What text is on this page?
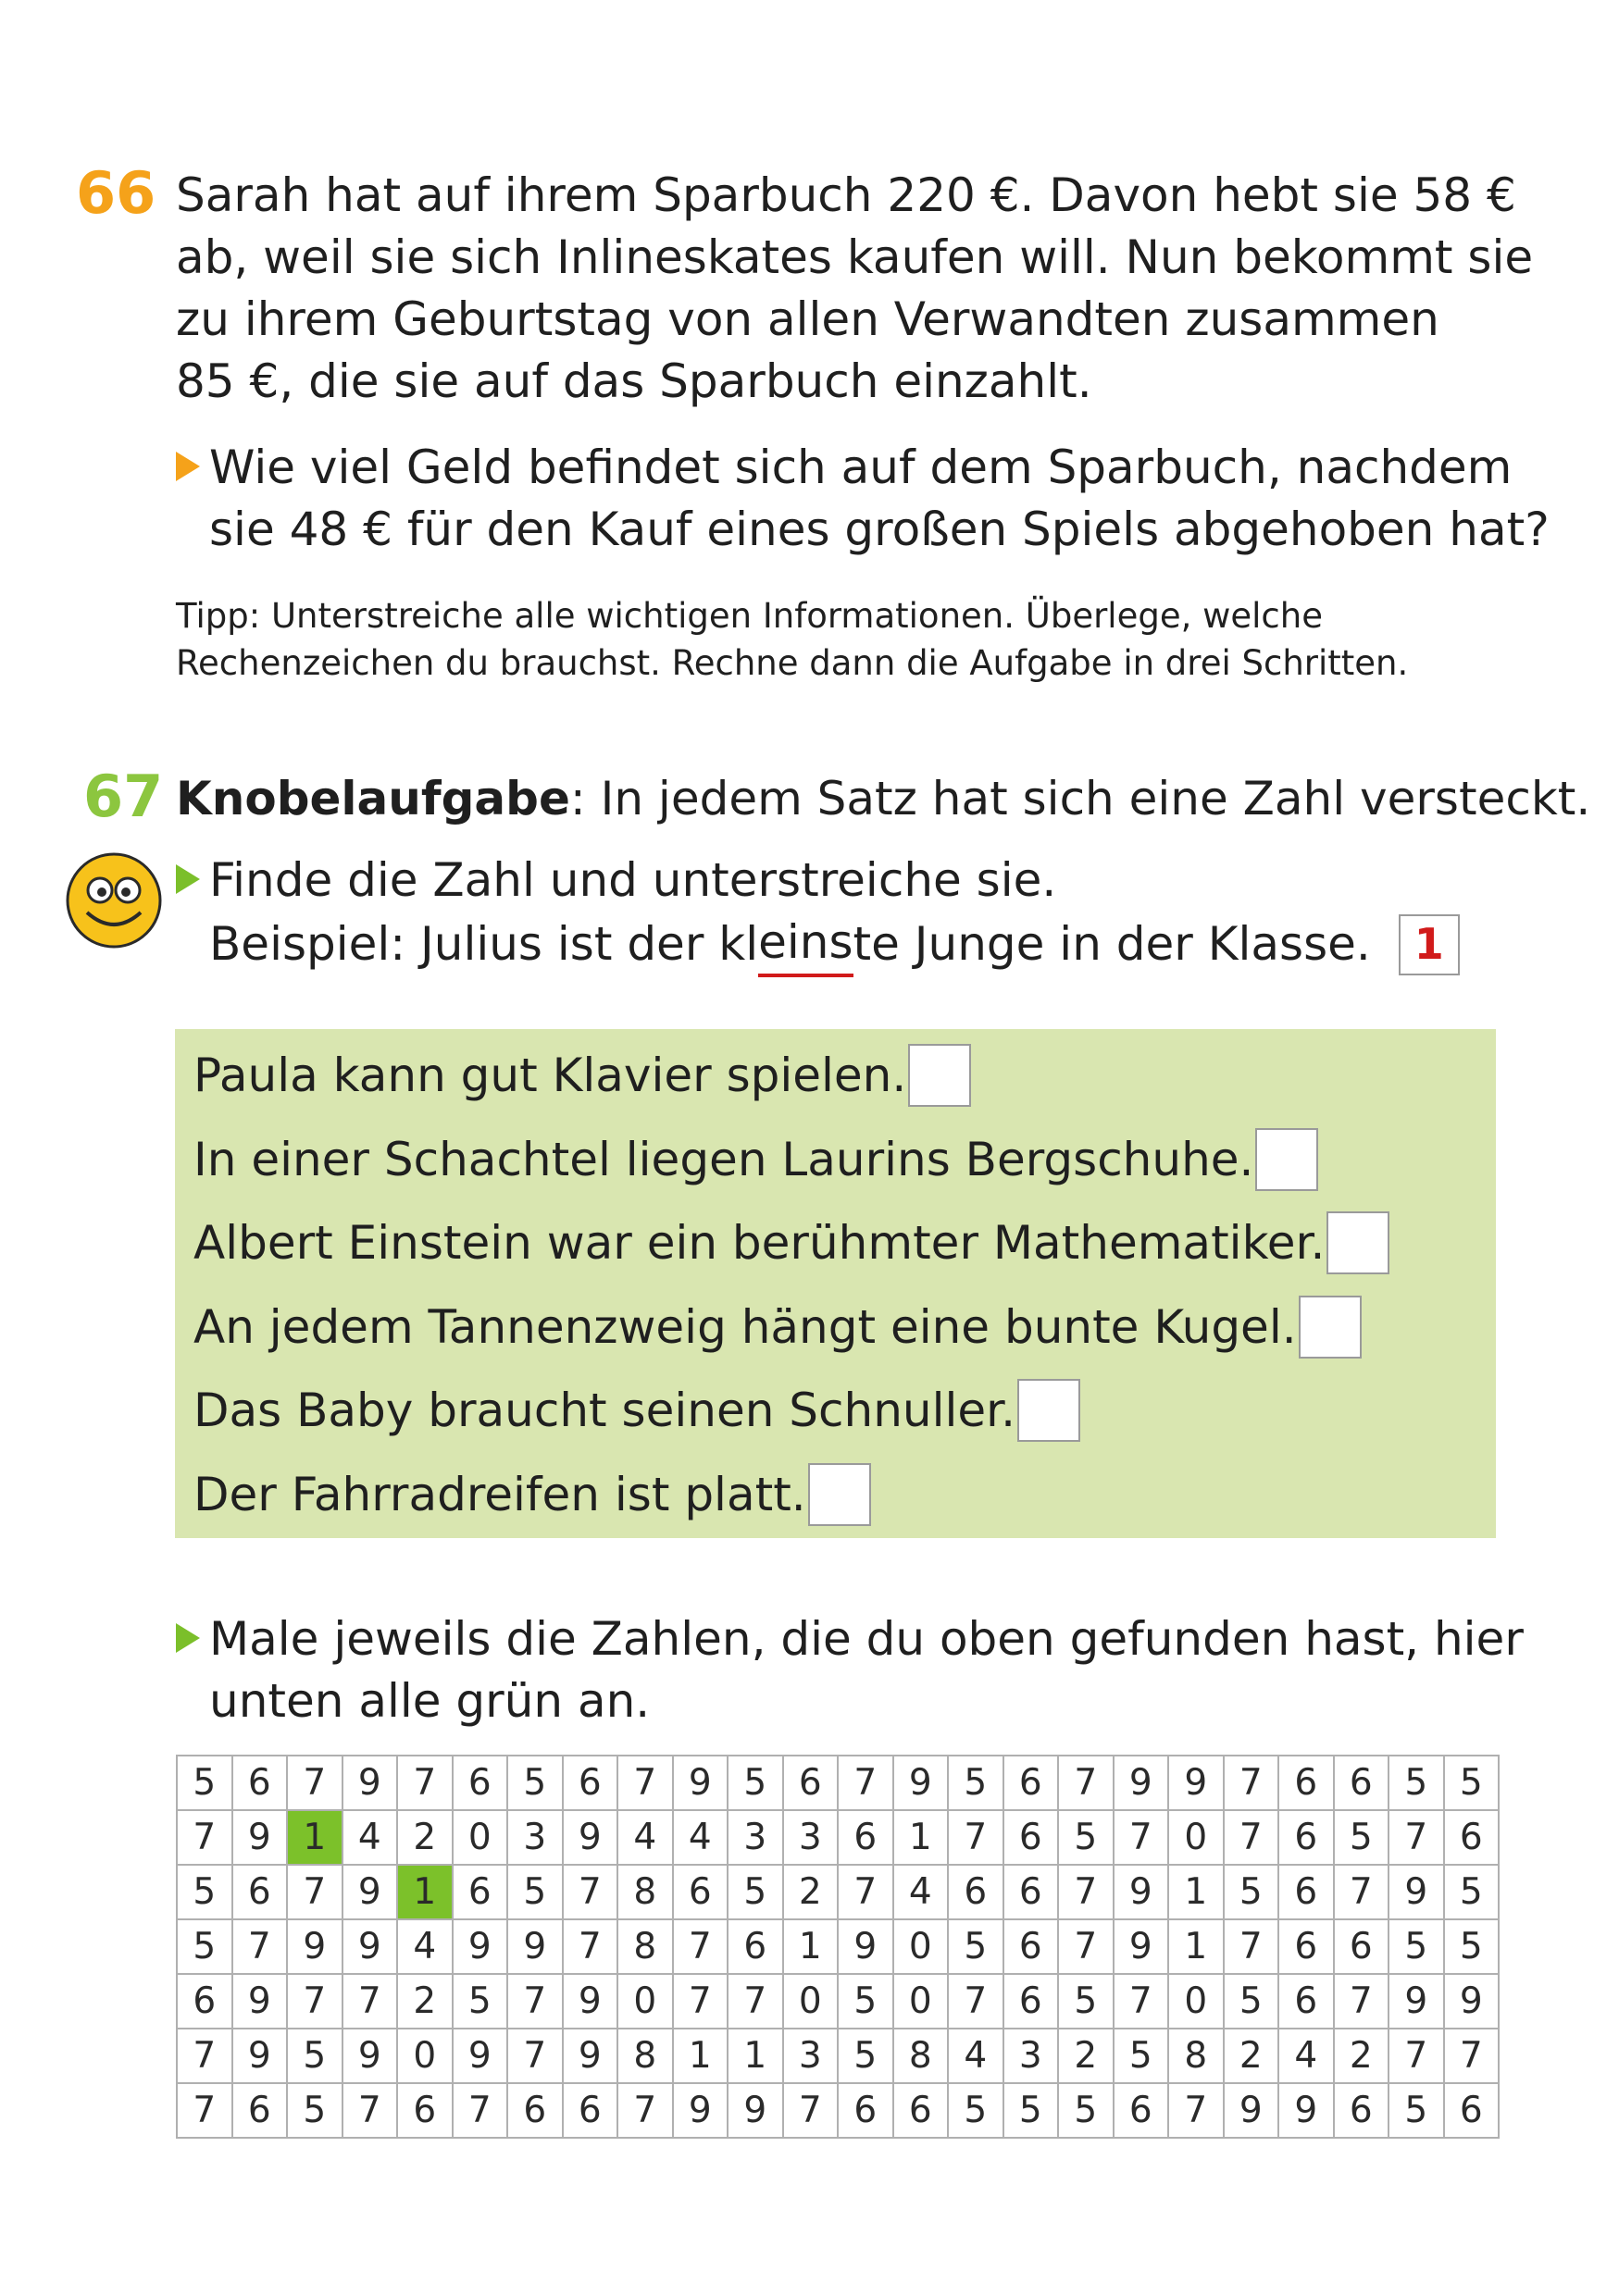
66 Sarah hat auf ihrem Sparbuch 220 €. Davon hebt sie 58 €
ab, weil sie sich Inlineskates kaufen will. Nun bekommt sie
zu ihrem Geburtstag von allen Verwandten zusammen
85 €, die sie auf das Sparbuch einzahlt.
Wie viel Geld befindet sich auf dem Sparbuch, nachdem
sie 48 € für den Kauf eines großen Spiels abgehoben hat?
Tipp: Unterstreiche alle wichtigen Informationen. Überlege, welche
Rechenzeichen du brauchst. Rechne dann die Aufgabe in drei Schritten.
67 Knobelaufgabe: In jedem Satz hat sich eine Zahl versteckt.
Finde die Zahl und unterstreiche sie.
Beispiel: Julius ist der kl eins te Junge in der Klasse.	1
Paula kann gut Klavier spielen.
In einer Schachtel liegen Laurins Bergschuhe.
Albert Einstein war ein berühmter Mathematiker.
An jedem Tannenzweig hängt eine bunte Kugel.
Das Baby braucht seinen Schnuller.
Der Fahrradreifen ist platt.
Male jeweils die Zahlen, die du oben gefunden hast, hier
unten alle grün an.
5	6	7	9	7	6	5	6	7	9	5	6	7	9	5	6	7	9	9	7	6	6	5	5
7	9	1	4	2	0	3	9	4	4	3	3	6	1	7	6	5	7	0	7	6	5	7	6
5	6	7	9	1	6	5	7	8	6	5	2	7	4	6	6	7	9	1	5	6	7	9	5
5	7	9	9	4	9	9	7	8	7	6	1	9	0	5	6	7	9	1	7	6	6	5	5
6	9	7	7	2	5	7	9	0	7	7	0	5	0	7	6	5	7	0	5	6	7	9	9
7	9	5	9	0	9	7	9	8	1	1	3	5	8	4	3	2	5	8	2	4	2	7	7
7	6	5	7	6	7	6	6	7	9	9	7	6	6	5	5	5	6	7	9	9	6	5	6
